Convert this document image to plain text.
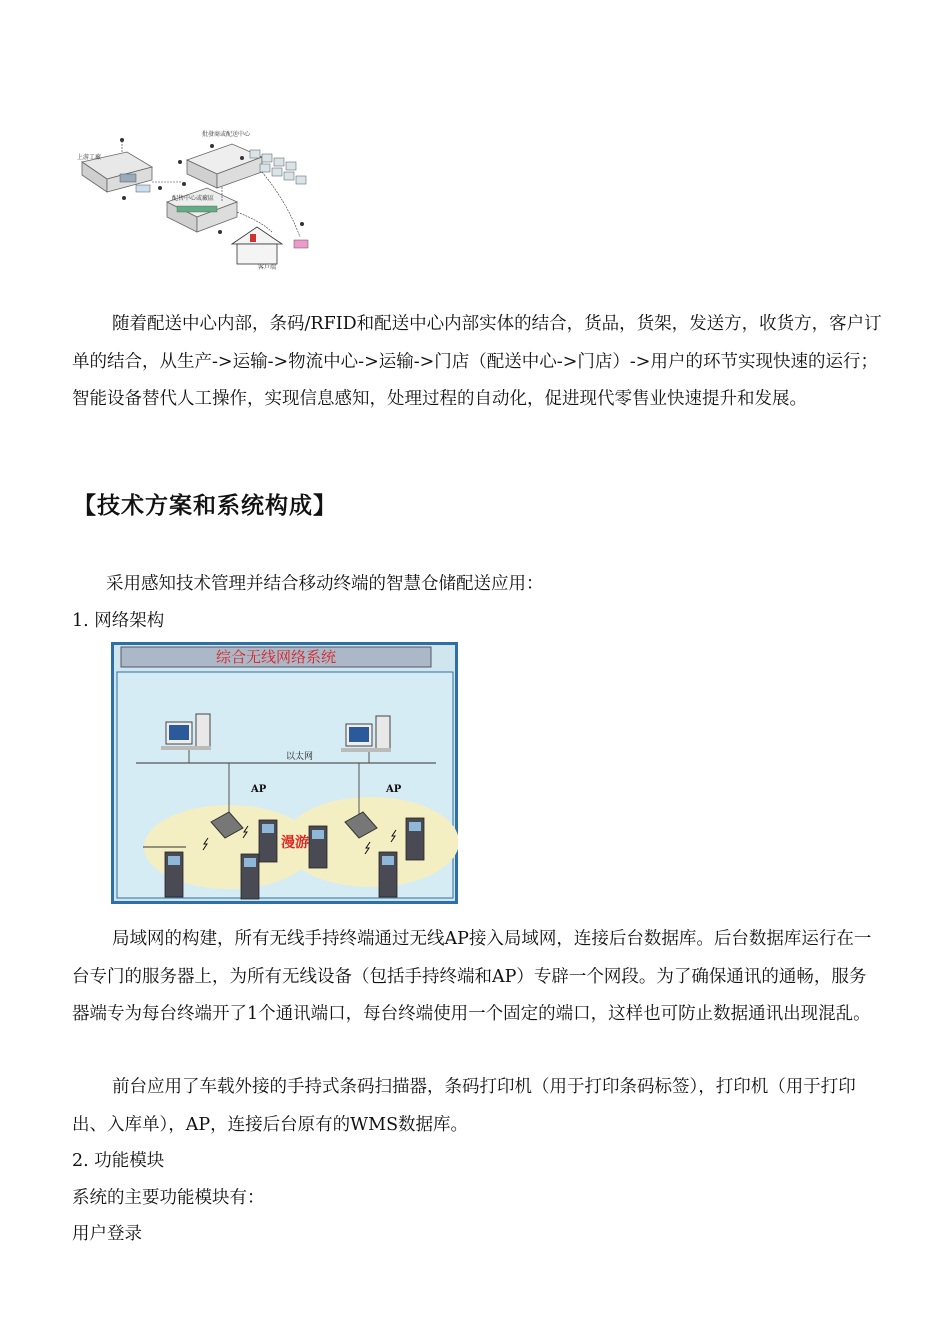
上游工廠
批發商或配送中心
配售中心或廠區
客戶端
随着配送中心内部，条码/RFID和配送中心内部实体的结合，货品，货架，发送方，收货方，客户订单的结合，从生产->运输->物流中心->运输->门店（配送中心->门店）->用户的环节实现快速的运行；智能设备替代人工操作，实现信息感知，处理过程的自动化，促进现代零售业快速提升和发展。
【技术方案和系统构成】
采用感知技术管理并结合移动终端的智慧仓储配送应用：
1. 网络架构
综合无线网络系统
以太网
AP	AP
漫游
局域网的构建，所有无线手持终端通过无线AP接入局域网，连接后台数据库。后台数据库运行在一台专门的服务器上，为所有无线设备（包括手持终端和AP）专辟一个网段。为了确保通讯的通畅，服务器端专为每台终端开了1个通讯端口，每台终端使用一个固定的端口，这样也可防止数据通讯出现混乱。
前台应用了车载外接的手持式条码扫描器，条码打印机（用于打印条码标签），打印机（用于打印出、入库单），AP，连接后台原有的WMS数据库。
2. 功能模块
系统的主要功能模块有：
用户登录
